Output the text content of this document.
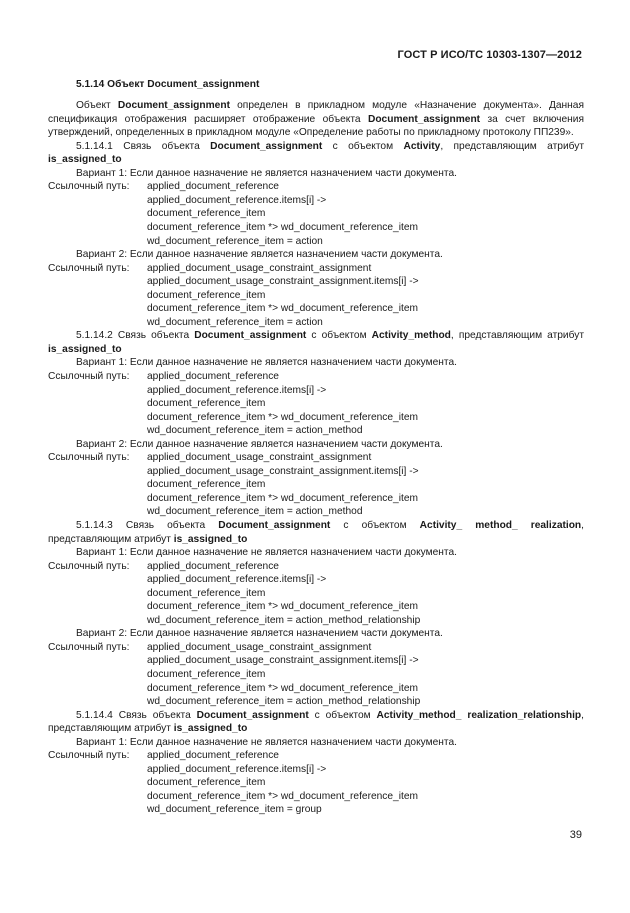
ГОСТ Р ИСО/ТС 10303-1307—2012
5.1.14 Объект Document_assignment
Объект Document_assignment определен в прикладном модуле «Назначение документа». Данная спецификация отображения расширяет отображение объекта Document_assignment за счет включения утверждений, определенных в прикладном модуле «Определение работы по прикладному протоколу ПП239».
5.1.14.1 Связь объекта Document_assignment с объектом Activity, представляющим атрибут is_assigned_to
Вариант 1: Если данное назначение не является назначением части документа.
Ссылочный путь:	applied_document_reference
applied_document_reference.items[i] ->
document_reference_item
document_reference_item *> wd_document_reference_item
wd_document_reference_item = action
Вариант 2: Если данное назначение является назначением части документа.
Ссылочный путь:	applied_document_usage_constraint_assignment
applied_document_usage_constraint_assignment.items[i] ->
document_reference_item
document_reference_item *> wd_document_reference_item
wd_document_reference_item = action
5.1.14.2 Связь объекта Document_assignment с объектом Activity_method, представляющим атрибут is_assigned_to
Вариант 1: Если данное назначение не является назначением части документа.
Ссылочный путь:	applied_document_reference
applied_document_reference.items[i] ->
document_reference_item
document_reference_item *> wd_document_reference_item
wd_document_reference_item = action_method
Вариант 2: Если данное назначение является назначением части документа.
Ссылочный путь:	applied_document_usage_constraint_assignment
applied_document_usage_constraint_assignment.items[i] ->
document_reference_item
document_reference_item *> wd_document_reference_item
wd_document_reference_item = action_method
5.1.14.3 Связь объекта Document_assignment с объектом Activity_ method_ realization, представляющим атрибут is_assigned_to
Вариант 1: Если данное назначение не является назначением части документа.
Ссылочный путь:	applied_document_reference
applied_document_reference.items[i] ->
document_reference_item
document_reference_item *> wd_document_reference_item
wd_document_reference_item = action_method_relationship
Вариант 2: Если данное назначение является назначением части документа.
Ссылочный путь:	applied_document_usage_constraint_assignment
applied_document_usage_constraint_assignment.items[i] ->
document_reference_item
document_reference_item *> wd_document_reference_item
wd_document_reference_item = action_method_relationship
5.1.14.4 Связь объекта Document_assignment с объектом Activity_method_ realization_relationship, представляющим атрибут is_assigned_to
Вариант 1: Если данное назначение не является назначением части документа.
Ссылочный путь:	applied_document_reference
applied_document_reference.items[i] ->
document_reference_item
document_reference_item *> wd_document_reference_item
wd_document_reference_item = group
39
